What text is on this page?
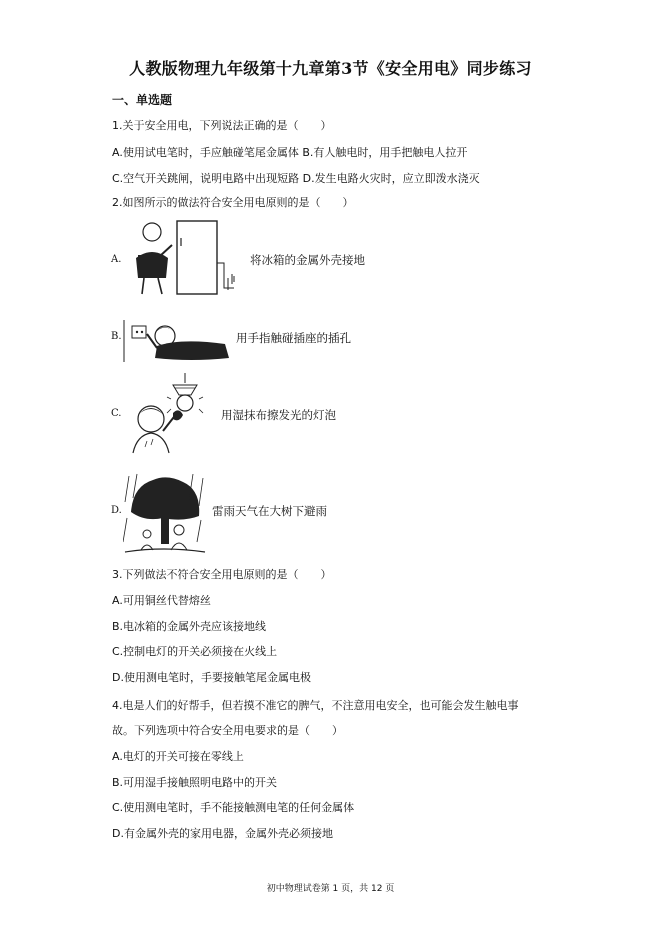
人教版物理九年级第十九章第3节《安全用电》同步练习
一、单选题
1.关于安全用电，下列说法正确的是（　　）
A.使用试电笔时，手应触碰笔尾金属体 B.有人触电时，用手把触电人拉开
C.空气开关跳闸，说明电路中出现短路 D.发生电路火灾时，应立即泼水浇灭
2.如图所示的做法符合安全用电原则的是（　　）
A.	将冰箱的金属外壳接地
B.	用手指触碰插座的插孔
C.	用湿抹布擦发光的灯泡
D.	雷雨天气在大树下避雨
3.下列做法不符合安全用电原则的是（　　）
A.可用铜丝代替熔丝
B.电冰箱的金属外壳应该接地线
C.控制电灯的开关必须接在火线上
D.使用测电笔时，手要接触笔尾金属电极
4.电是人们的好帮手，但若摸不准它的脾气，不注意用电安全，也可能会发生触电事
故。下列选项中符合安全用电要求的是（　　）
A.电灯的开关可接在零线上
B.可用湿手接触照明电路中的开关
C.使用测电笔时，手不能接触测电笔的任何金属体
D.有金属外壳的家用电器，金属外壳必须接地
初中物理试卷第 1 页，共 12 页
